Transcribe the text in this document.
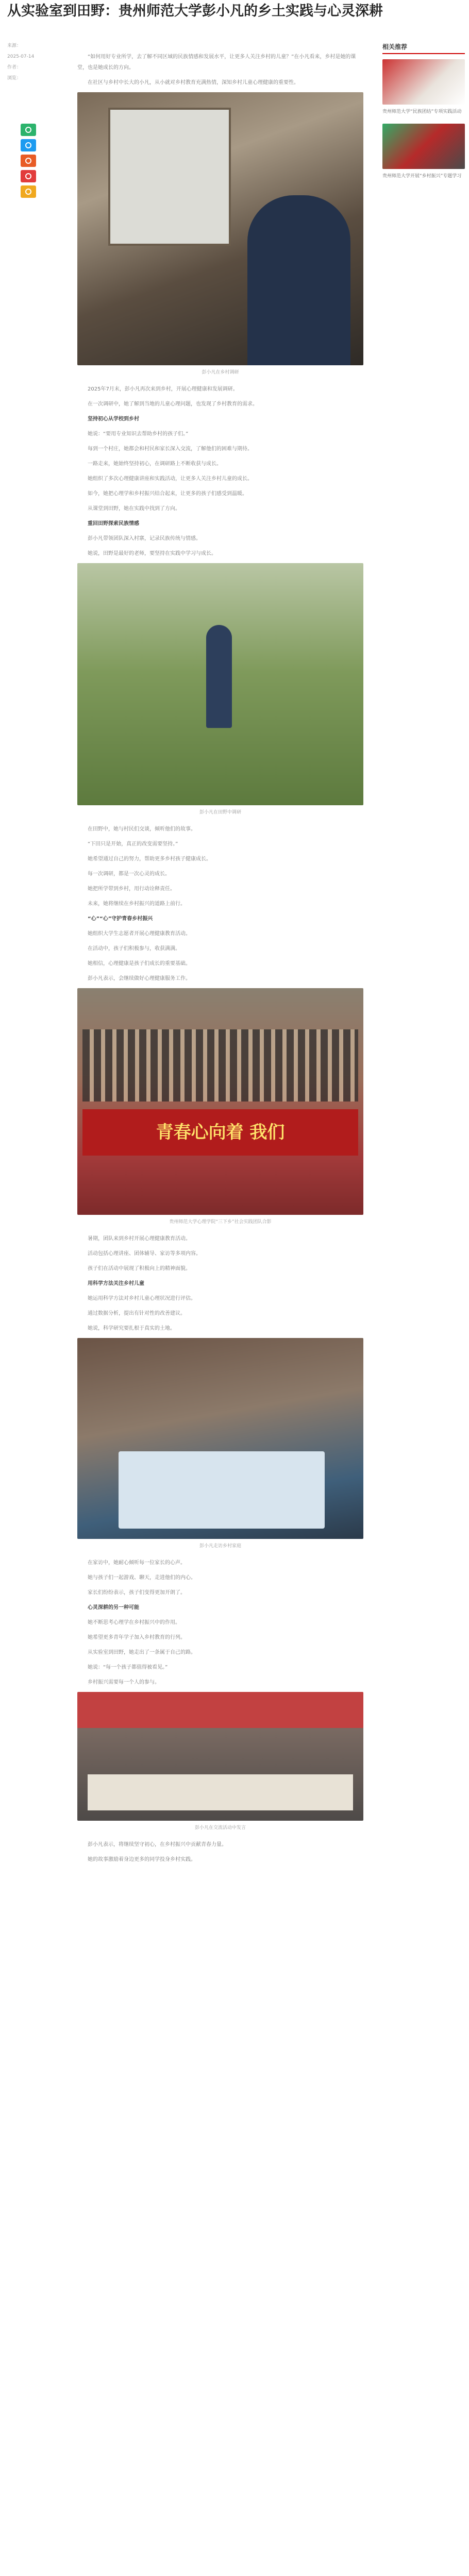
从实验室到田野：贵州师范大学彭小凡的乡土实践与心灵深耕
来源：
2025-07-14
作者：
浏览：

“如何用好专业所学，去了解不同区域的民族情感和发展水平，让更多人关注乡村的儿童？”在小凡看来，乡村是她的课堂，也是她成长的方向。

在社区与乡村中长大的小凡，从小就对乡村教育充满热情，深知乡村儿童心理健康的重要性。

彭小凡在乡村调研

2025年7月末，彭小凡再次来到乡村，开展心理健康和发展调研。

在一次调研中，她了解到当地的儿童心理问题，也发现了乡村教育的需求。

坚持初心从学校到乡村

她说：“要用专业知识去帮助乡村的孩子们。”

每到一个村庄，她都会和村民和家长深入交流，了解他们的困难与期待。

一路走来，她始终坚持初心，在调研路上不断收获与成长。

她组织了多次心理健康讲座和实践活动，让更多人关注乡村儿童的成长。

如今，她把心理学和乡村振兴结合起来，让更多的孩子们感受到温暖。

从课堂到田野，她在实践中找到了方向。

重回田野探索民族情感

彭小凡带领团队深入村寨，记录民族传统与情感。

她说，田野是最好的老师，要坚持在实践中学习与成长。

彭小凡在田野中调研

在田野中，她与村民们交谈，倾听他们的故事。

“下田只是开始，真正的改变需要坚持。”

她希望通过自己的努力，帮助更多乡村孩子健康成长。

每一次调研，都是一次心灵的成长。

她把所学带到乡村，用行动诠释责任。

未来，她将继续在乡村振兴的道路上前行。

“心”“心”守护青春乡村振兴

她组织大学生志愿者开展心理健康教育活动。

在活动中，孩子们积极参与，收获满满。

她相信，心理健康是孩子们成长的重要基础。

彭小凡表示，会继续做好心理健康服务工作。

青春心向着 我们
贵州师范大学心理学院“三下乡”社会实践团队合影

暑期，团队来到乡村开展心理健康教育活动。

活动包括心理讲座、团体辅导、家访等多项内容。

孩子们在活动中展现了积极向上的精神面貌。

用科学方法关注乡村儿童

她运用科学方法对乡村儿童心理状况进行评估。

通过数据分析，提出有针对性的改善建议。

她说，科学研究要扎根于真实的土地。

彭小凡走访乡村家庭

在家访中，她耐心倾听每一位家长的心声。

她与孩子们一起游戏、聊天，走进他们的内心。

家长们纷纷表示，孩子们变得更加开朗了。

心灵深耕的另一种可能

她不断思考心理学在乡村振兴中的作用。

她希望更多青年学子加入乡村教育的行列。

从实验室到田野，她走出了一条属于自己的路。

她说：“每一个孩子都值得被看见。”

乡村振兴需要每一个人的参与。

彭小凡在交流活动中发言

彭小凡表示，将继续坚守初心，在乡村振兴中贡献青春力量。

她的故事激励着身边更多的同学投身乡村实践。

相关推荐
贵州师范大学“民族团结”专项实践活动
贵州师范大学开展“乡村振兴”专题学习
